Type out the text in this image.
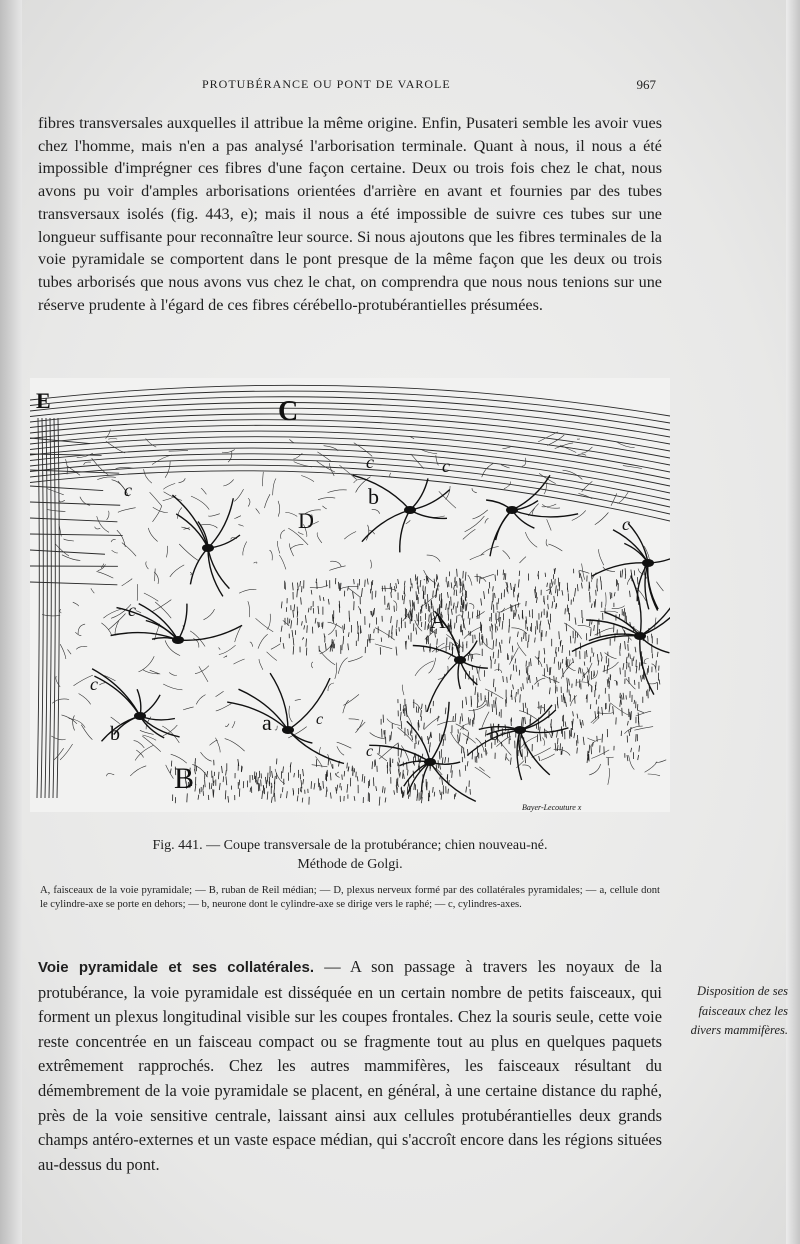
PROTUBÉRANCE OU PONT DE VAROLE	967

fibres transversales auxquelles il attribue la même origine. Enfin, Pusateri semble les avoir vues chez l'homme, mais n'en a pas analysé l'arborisation terminale. Quant à nous, il nous a été impossible d'imprégner ces fibres d'une façon certaine. Deux ou trois fois chez le chat, nous avons pu voir d'amples arborisations orientées d'arrière en avant et fournies par des tubes transversaux isolés (fig. 443, e); mais il nous a été impossible de suivre ces tubes sur une longueur suffisante pour reconnaître leur source. Si nous ajoutons que les fibres terminales de la voie pyramidale se comportent dans le pont presque de la même façon que les deux ou trois tubes arborisés que nous avons vus chez le chat, on comprendra que nous nous tenions sur une réserve prudente à l'égard de ces fibres cérébello-protubérantielles présumées.

E	C
D
A
B
a
b
b	b
c
c
c
c
c
c
c
c
Bayer-Lecouture x
Fig. 441. — Coupe transversale de la protubérance; chien nouveau-né.
Méthode de Golgi.

A, faisceaux de la voie pyramidale; — B, ruban de Reil médian; — D, plexus nerveux formé par des collatérales pyramidales; — a, cellule dont le cylindre-axe se porte en dehors; — b, neurone dont le cylindre-axe se dirige vers le raphé; — c, cylindres-axes.

Voie pyramidale et ses collatérales. — A son passage à travers les noyaux de la protubérance, la voie pyramidale est disséquée en un certain nombre de petits faisceaux, qui forment un plexus longitudinal visible sur les coupes frontales. Chez la souris seule, cette voie reste concentrée en un faisceau compact ou se fragmente tout au plus en quelques paquets extrêmement rapprochés. Chez les autres mammifères, les faisceaux résultant du démembrement de la voie pyramidale se placent, en général, à une certaine distance du raphé, près de la voie sensitive centrale, laissant ainsi aux cellules protubérantielles deux grands champs antéro-externes et un vaste espace médian, qui s'accroît encore dans les régions situées au-dessus du pont.

Disposition de ses faisceaux chez les divers mammifères.
